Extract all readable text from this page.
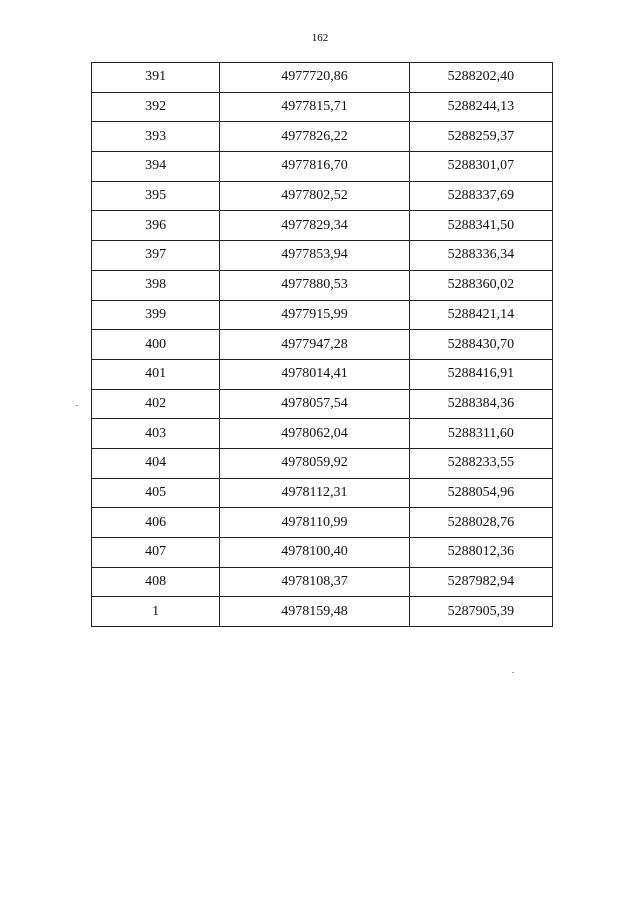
162
391	4977720,86	5288202,40
392	4977815,71	5288244,13
393	4977826,22	5288259,37
394	4977816,70	5288301,07
395	4977802,52	5288337,69
396	4977829,34	5288341,50
397	4977853,94	5288336,34
398	4977880,53	5288360,02
399	4977915,99	5288421,14
400	4977947,28	5288430,70
401	4978014,41	5288416,91
402	4978057,54	5288384,36
403	4978062,04	5288311,60
404	4978059,92	5288233,55
405	4978112,31	5288054,96
406	4978110,99	5288028,76
407	4978100,40	5288012,36
408	4978108,37	5287982,94
1	4978159,48	5287905,39
